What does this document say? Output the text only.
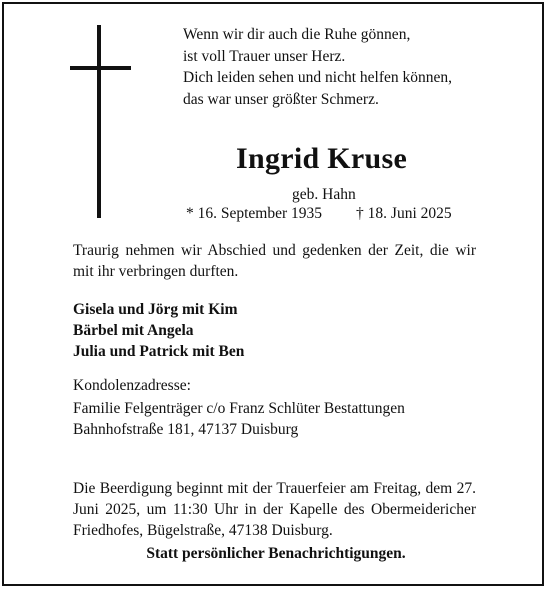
Wenn wir dir auch die Ruhe gönnen,
ist voll Trauer unser Herz.
Dich leiden sehen und nicht helfen können,
das war unser größter Schmerz.
Ingrid Kruse
geb. Hahn
* 16. September 1935 † 18. Juni 2025
Traurig nehmen wir Abschied und gedenken der Zeit, die wir mit ihr verbringen durften.
Gisela und Jörg mit Kim
Bärbel mit Angela
Julia und Patrick mit Ben
Kondolenzadresse:
Familie Felgenträger c/o Franz Schlüter Bestattungen
Bahnhofstraße 181, 47137 Duisburg
Die Beerdigung beginnt mit der Trauerfeier am Freitag, dem 27. Juni 2025, um 11:30 Uhr in der Kapelle des Obermeidericher Friedhofes, Bügelstraße, 47138 Duisburg.
Statt persönlicher Benachrichtigungen.
